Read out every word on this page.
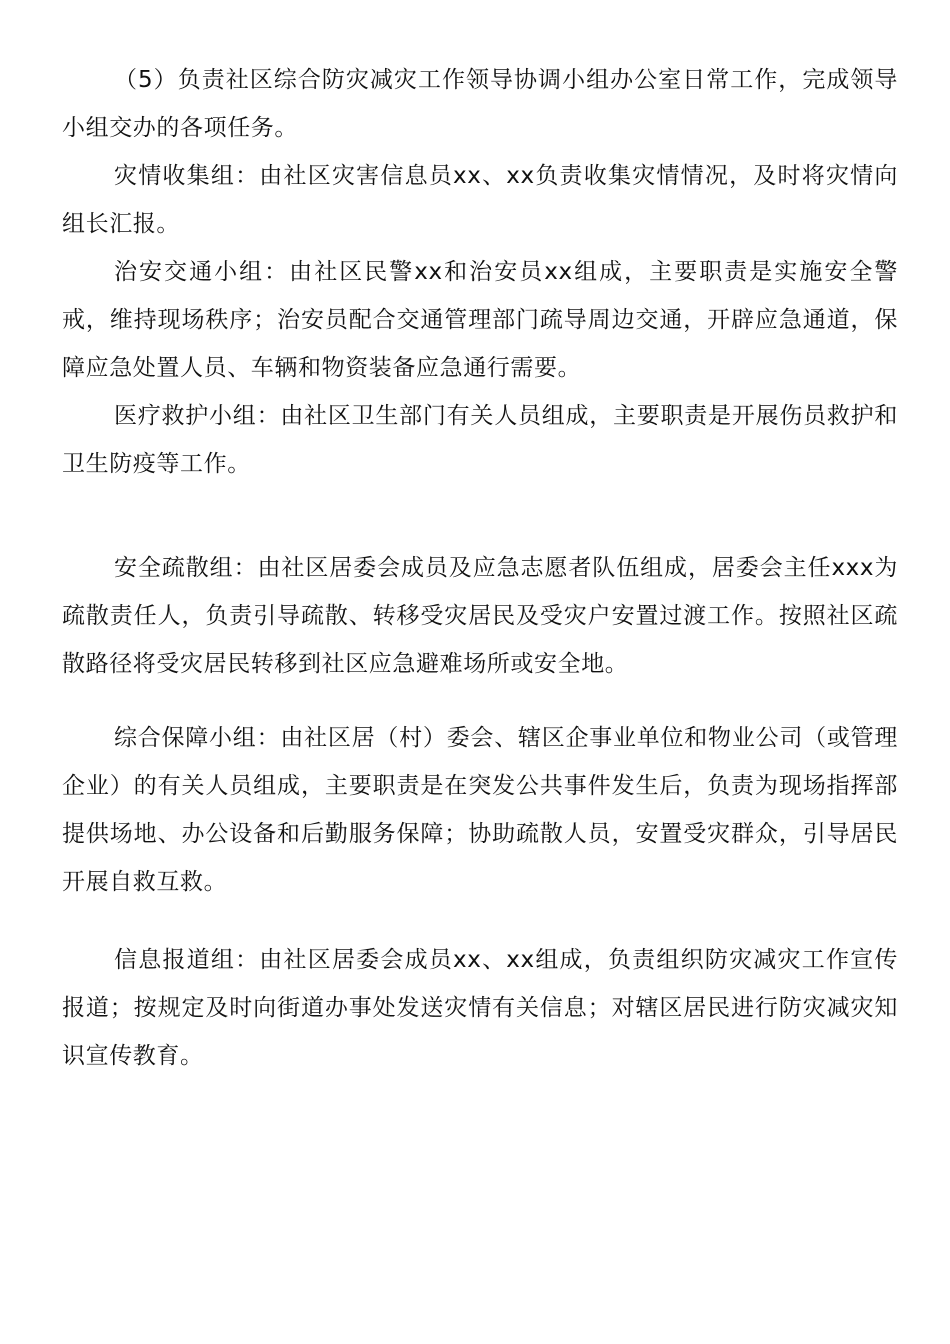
（5）负责社区综合防灾减灾工作领导协调小组办公室日常工作，完成领导小组交办的各项任务。

灾情收集组：由社区灾害信息员xx、xx负责收集灾情情况，及时将灾情向组长汇报。

治安交通小组：由社区民警xx和治安员xx组成，主要职责是实施安全警戒，维持现场秩序；治安员配合交通管理部门疏导周边交通，开辟应急通道，保障应急处置人员、车辆和物资装备应急通行需要。

医疗救护小组：由社区卫生部门有关人员组成，主要职责是开展伤员救护和卫生防疫等工作。

安全疏散组：由社区居委会成员及应急志愿者队伍组成，居委会主任xxx为疏散责任人，负责引导疏散、转移受灾居民及受灾户安置过渡工作。按照社区疏散路径将受灾居民转移到社区应急避难场所或安全地。

综合保障小组：由社区居（村）委会、辖区企事业单位和物业公司（或管理企业）的有关人员组成，主要职责是在突发公共事件发生后，负责为现场指挥部提供场地、办公设备和后勤服务保障；协助疏散人员，安置受灾群众，引导居民开展自救互救。

信息报道组：由社区居委会成员xx、xx组成，负责组织防灾减灾工作宣传报道；按规定及时向街道办事处发送灾情有关信息；对辖区居民进行防灾减灾知识宣传教育。
